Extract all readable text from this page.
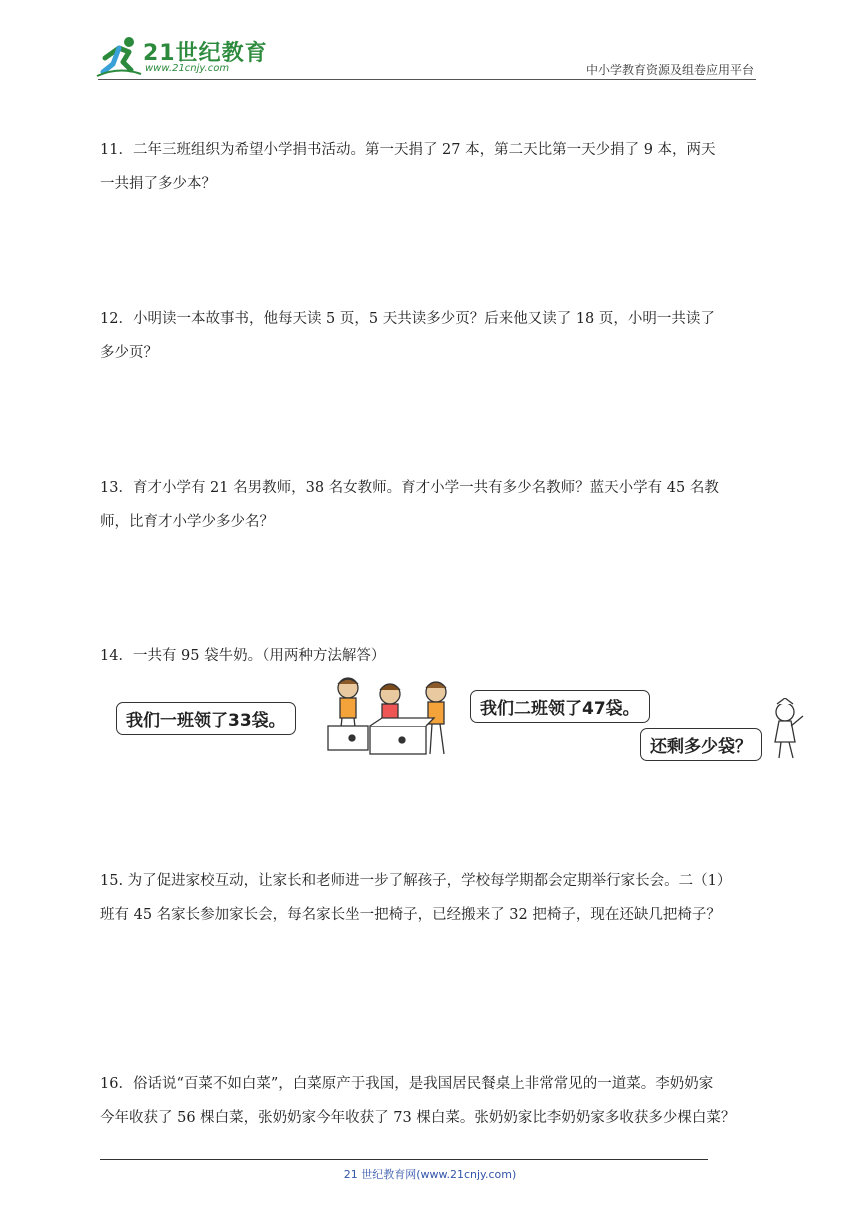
21世纪教育
www.21cnjy.com	中小学教育资源及组卷应用平台

11．二年三班组织为希望小学捐书活动。第一天捐了 27 本，第二天比第一天少捐了 9 本，两天

一共捐了多少本？

12．小明读一本故事书，他每天读 5 页，5 天共读多少页？后来他又读了 18 页，小明一共读了

多少页？

13．育才小学有 21 名男教师，38 名女教师。育才小学一共有多少名教师？蓝天小学有 45 名教

师，比育才小学少多少名？

14．一共有 95 袋牛奶。（用两种方法解答）

我们一班领了33袋。
我们二班领了47袋。
还剩多少袋？

15. 为了促进家校互动，让家长和老师进一步了解孩子，学校每学期都会定期举行家长会。二（1）

班有 45 名家长参加家长会，每名家长坐一把椅子，已经搬来了 32 把椅子，现在还缺几把椅子？

16．俗话说“百菜不如白菜”，白菜原产于我国，是我国居民餐桌上非常常见的一道菜。李奶奶家

今年收获了 56 棵白菜，张奶奶家今年收获了 73 棵白菜。张奶奶家比李奶奶家多收获多少棵白菜？

21 世纪教育网(www.21cnjy.com)
